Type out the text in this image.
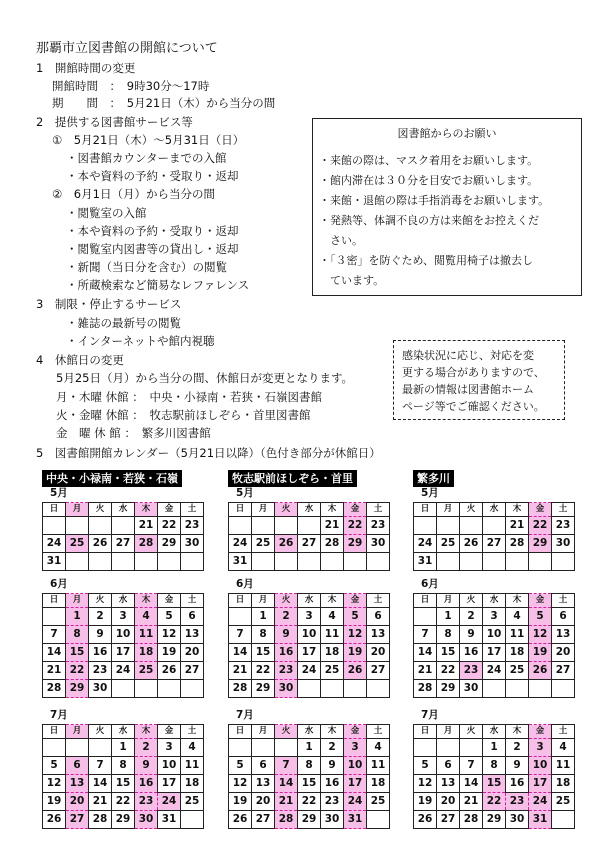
那覇市立図書館の開館について
1　開館時間の変更
開館時間　：　9時30分～17時
期　　間　：　5月21日（木）から当分の間
2　提供する図書館サービス等
①　5月21日（木）～5月31日（日）
・図書館カウンターまでの入館
・本や資料の予約・受取り・返却
②　6月1日（月）から当分の間
・閲覧室の入館
・本や資料の予約・受取り・返却
・閲覧室内図書等の貸出し・返却
・新聞（当日分を含む）の閲覧
・所蔵検索など簡易なレファレンス
3　制限・停止するサービス
・雑誌の最新号の閲覧
・インターネットや館内視聴
4　休館日の変更
5月25日（月）から当分の間、休館日が変更となります。
月・木曜 休館 ：　中央・小禄南・若狭・石嶺図書館
火・金曜 休館 ：　牧志駅前ほしぞら・首里図書館
金　曜 休 館 ：　繁多川図書館
5　図書館開館カレンダー（5月21日以降）（色付き部分が休館日）
図書館からのお願い
・来館の際は、マスク着用をお願いします。
・館内滞在は３０分を目安でお願いします。
・来館・退館の際は手指消毒をお願いします。
・発熱等、体調不良の方は来館をお控えくだ
　さい。
・「３密」を防ぐため、閲覧用椅子は撤去し
　ています。
感染状況に応じ、対応を変
更する場合がありますので、
最新の情報は図書館ホーム
ページ等でご確認ください。
中央・小禄南・若狭・石嶺
5月
日	月	火	水	木	金	土
				21	22	23
24	25	26	27	28	29	30
31						
6月
日	月	火	水	木	金	土
	1	2	3	4	5	6
7	8	9	10	11	12	13
14	15	16	17	18	19	20
21	22	23	24	25	26	27
28	29	30				
7月
日	月	火	水	木	金	土
			1	2	3	4
5	6	7	8	9	10	11
12	13	14	15	16	17	18
19	20	21	22	23	24	25
26	27	28	29	30	31	
牧志駅前ほしぞら・首里
5月
日	月	火	水	木	金	土
				21	22	23
24	25	26	27	28	29	30
31						
6月
日	月	火	水	木	金	土
	1	2	3	4	5	6
7	8	9	10	11	12	13
14	15	16	17	18	19	20
21	22	23	24	25	26	27
28	29	30				
7月
日	月	火	水	木	金	土
			1	2	3	4
5	6	7	8	9	10	11
12	13	14	15	16	17	18
19	20	21	22	23	24	25
26	27	28	29	30	31	
繁多川
5月
日	月	火	水	木	金	土
				21	22	23
24	25	26	27	28	29	30
31						
6月
日	月	火	水	木	金	土
	1	2	3	4	5	6
7	8	9	10	11	12	13
14	15	16	17	18	19	20
21	22	23	24	25	26	27
28	29	30				
7月
日	月	火	水	木	金	土
			1	2	3	4
5	6	7	8	9	10	11
12	13	14	15	16	17	18
19	20	21	22	23	24	25
26	27	28	29	30	31	
